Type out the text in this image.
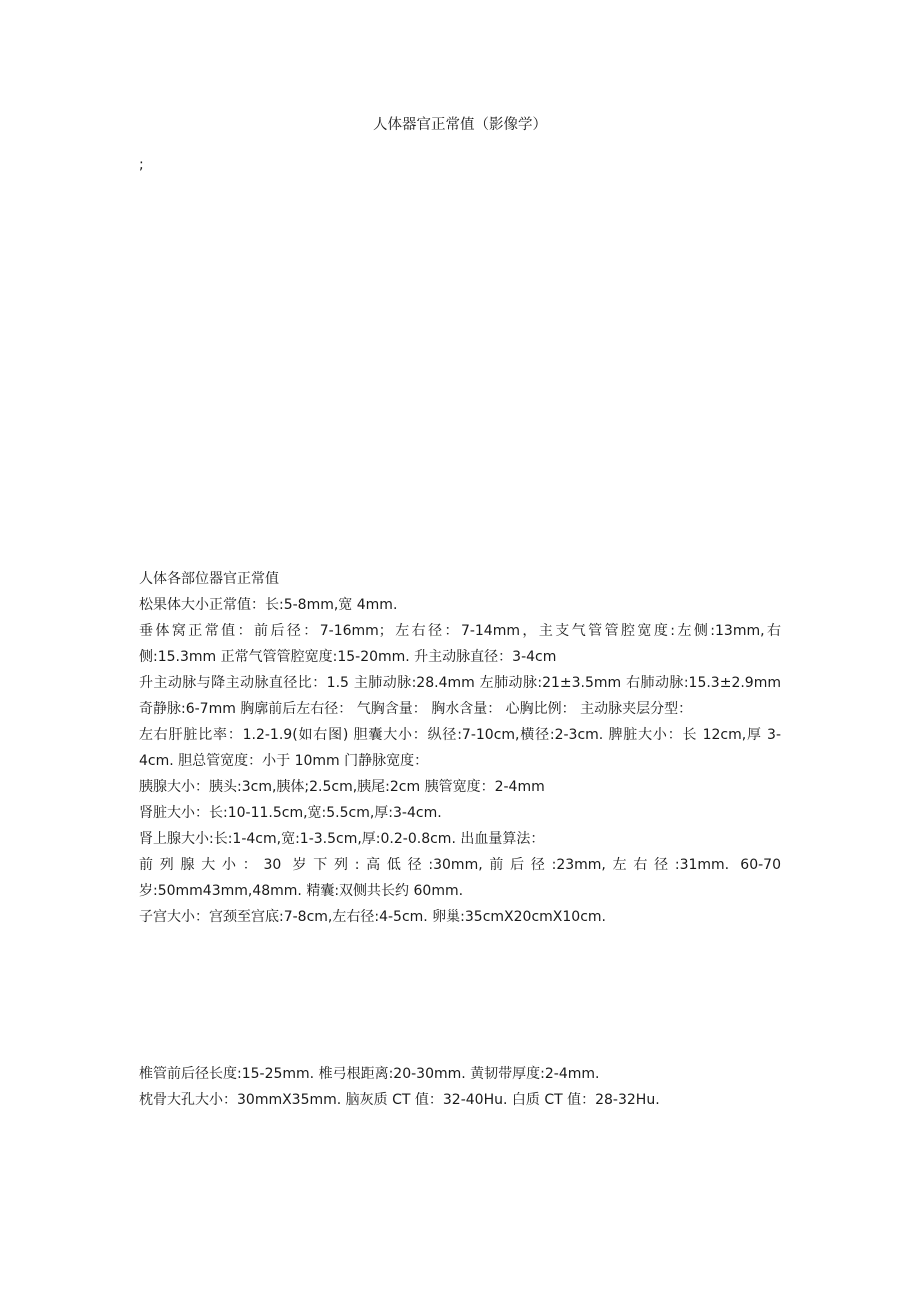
人体器官正常值（影像学）
;

人体各部位器官正常值

松果体大小正常值：长:5-8mm,宽 4mm.

垂体窝正常值：前后径：7-16mm；左右径：7-14mm，主支气管管腔宽度:左侧:13mm,右侧:15.3mm 正常气管管腔宽度:15-20mm. 升主动脉直径：3-4cm

升主动脉与降主动脉直径比：1.5 主肺动脉:28.4mm 左肺动脉:21±3.5mm 右肺动脉:15.3±2.9mm 奇静脉:6-7mm 胸廓前后左右径： 气胸含量： 胸水含量： 心胸比例： 主动脉夹层分型：

左右肝脏比率：1.2-1.9(如右图) 胆囊大小：纵径:7-10cm,横径:2-3cm. 脾脏大小：长 12cm,厚 3-4cm. 胆总管宽度：小于 10mm 门静脉宽度：

胰腺大小：胰头:3cm,胰体;2.5cm,胰尾:2cm 胰管宽度：2-4mm

肾脏大小：长:10-11.5cm,宽:5.5cm,厚:3-4cm.

肾上腺大小:长:1-4cm,宽:1-3.5cm,厚:0.2-0.8cm. 出血量算法：

前列腺大小：30 岁下列:高低径:30mm,前后径:23mm,左右径:31mm. 60-70 岁:50mm43mm,48mm. 精囊:双侧共长约 60mm.

子宫大小：宫颈至宫底:7-8cm,左右径:4-5cm. 卵巢:35cmX20cmX10cm.

椎管前后径长度:15-25mm. 椎弓根距离:20-30mm. 黄韧带厚度:2-4mm.

枕骨大孔大小：30mmX35mm. 脑灰质 CT 值：32-40Hu. 白质 CT 值：28-32Hu.
